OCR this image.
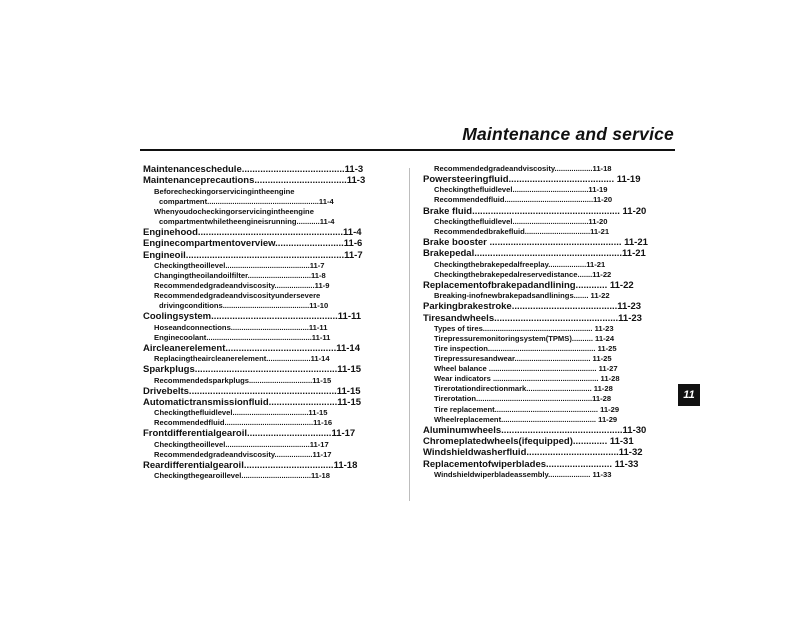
Maintenance and service
Maintenanceschedule.......................................11-3
Maintenanceprecautions...................................11-3
Beforecheckingorservicingintheengine
compartment.....................................................11-4
Whenyoudocheckingorservicingintheengine
compartmentwhiletheengineisrunning...........11-4
Enginehood.......................................................11-4
Enginecompartmentoverview..........................11-6
Engineoil............................................................11-7
Checkingtheoillevel........................................11-7
Changingtheoilandoilfilter..............................11-8
Recommendedgradeandviscosity...................11-9
Recommendedgradeandviscosityundersevere
drivingconditions.........................................11-10
Coolingsystem................................................11-11
Hoseandconnections.....................................11-11
Enginecoolant..................................................11-11
Aircleanerelement..........................................11-14
Replacingtheaircleanerelement.....................11-14
Sparkplugs......................................................11-15
Recommendedsparkplugs..............................11-15
Drivebelts........................................................11-15
Automatictransmissionfluid..........................11-15
Checkingthefluidlevel....................................11-15
Recommendedfluid..........................................11-16
Frontdifferentialgearoil................................11-17
Checkingtheoillevel........................................11-17
Recommendedgradeandviscosity..................11-17
Reardifferentialgearoil..................................11-18
Checkingthegearoillevel.................................11-18
Recommendedgradeandviscosity..................11-18
Powersteeringfluid........................................ 11-19
Checkingthefluidlevel....................................11-19
Recommendedfluid..........................................11-20
Brake fluid........................................................ 11-20
Checkingthefluidlevel....................................11-20
Recommendedbrakefluid...............................11-21
Brake booster .................................................. 11-21
Brakepedal........................................................11-21
Checkingthebrakepedalfreeplay..................11-21
Checkingthebrakepedalreservedistance.......11-22
Replacementofbrakepadandlining............ 11-22
Breaking-inofnewbrakepadsandlinings....... 11-22
Parkingbrakestroke........................................11-23
Tiresandwheels...............................................11-23
Types of tires.................................................... 11-23
Tirepressuremonitoringsystem(TPMS).......... 11-24
Tire inspection................................................... 11-25
Tirepressuresandwear.................................... 11-25
Wheel balance ................................................... 11-27
Wear indicators .................................................. 11-28
Tirerotationdirectionmark............................... 11-28
Tirerotation.......................................................11-28
Tire replacement................................................. 11-29
Wheelreplacement............................................. 11-29
Aluminumwheels..............................................11-30
Chromeplatedwheels(ifequipped)............. 11-31
Windshieldwasherfluid...................................11-32
Replacementofwiperblades......................... 11-33
Windshieldwiperbladeassembly.................... 11-33
11
